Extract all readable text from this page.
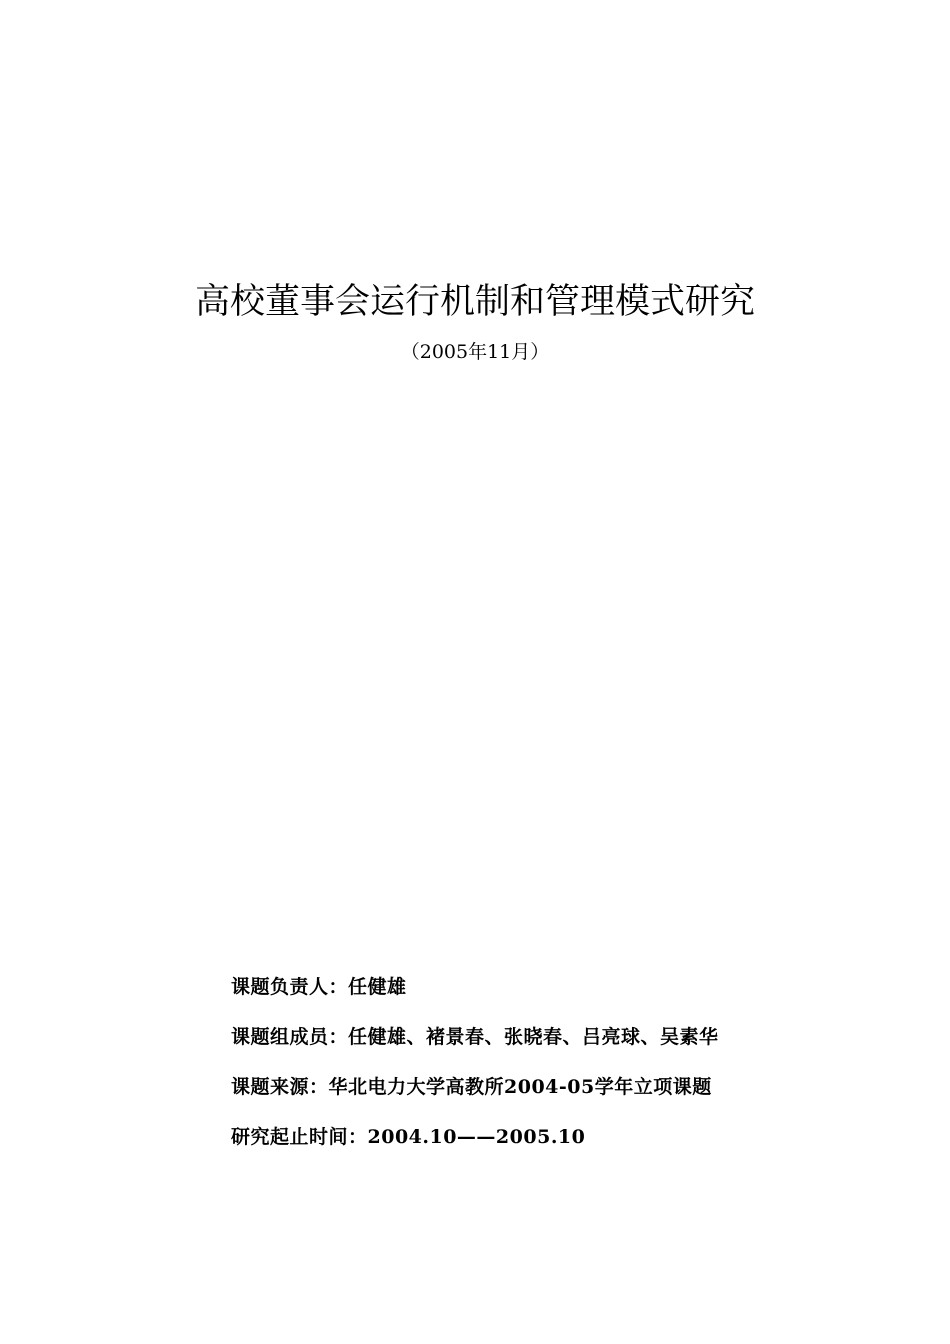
高校董事会运行机制和管理模式研究
（2005年11月）
课题负责人：任健雄
课题组成员：任健雄、褚景春、张晓春、吕亮球、吴素华
课题来源：华北电力大学高教所2004-05学年立项课题
研究起止时间：2004.10——2005.10
